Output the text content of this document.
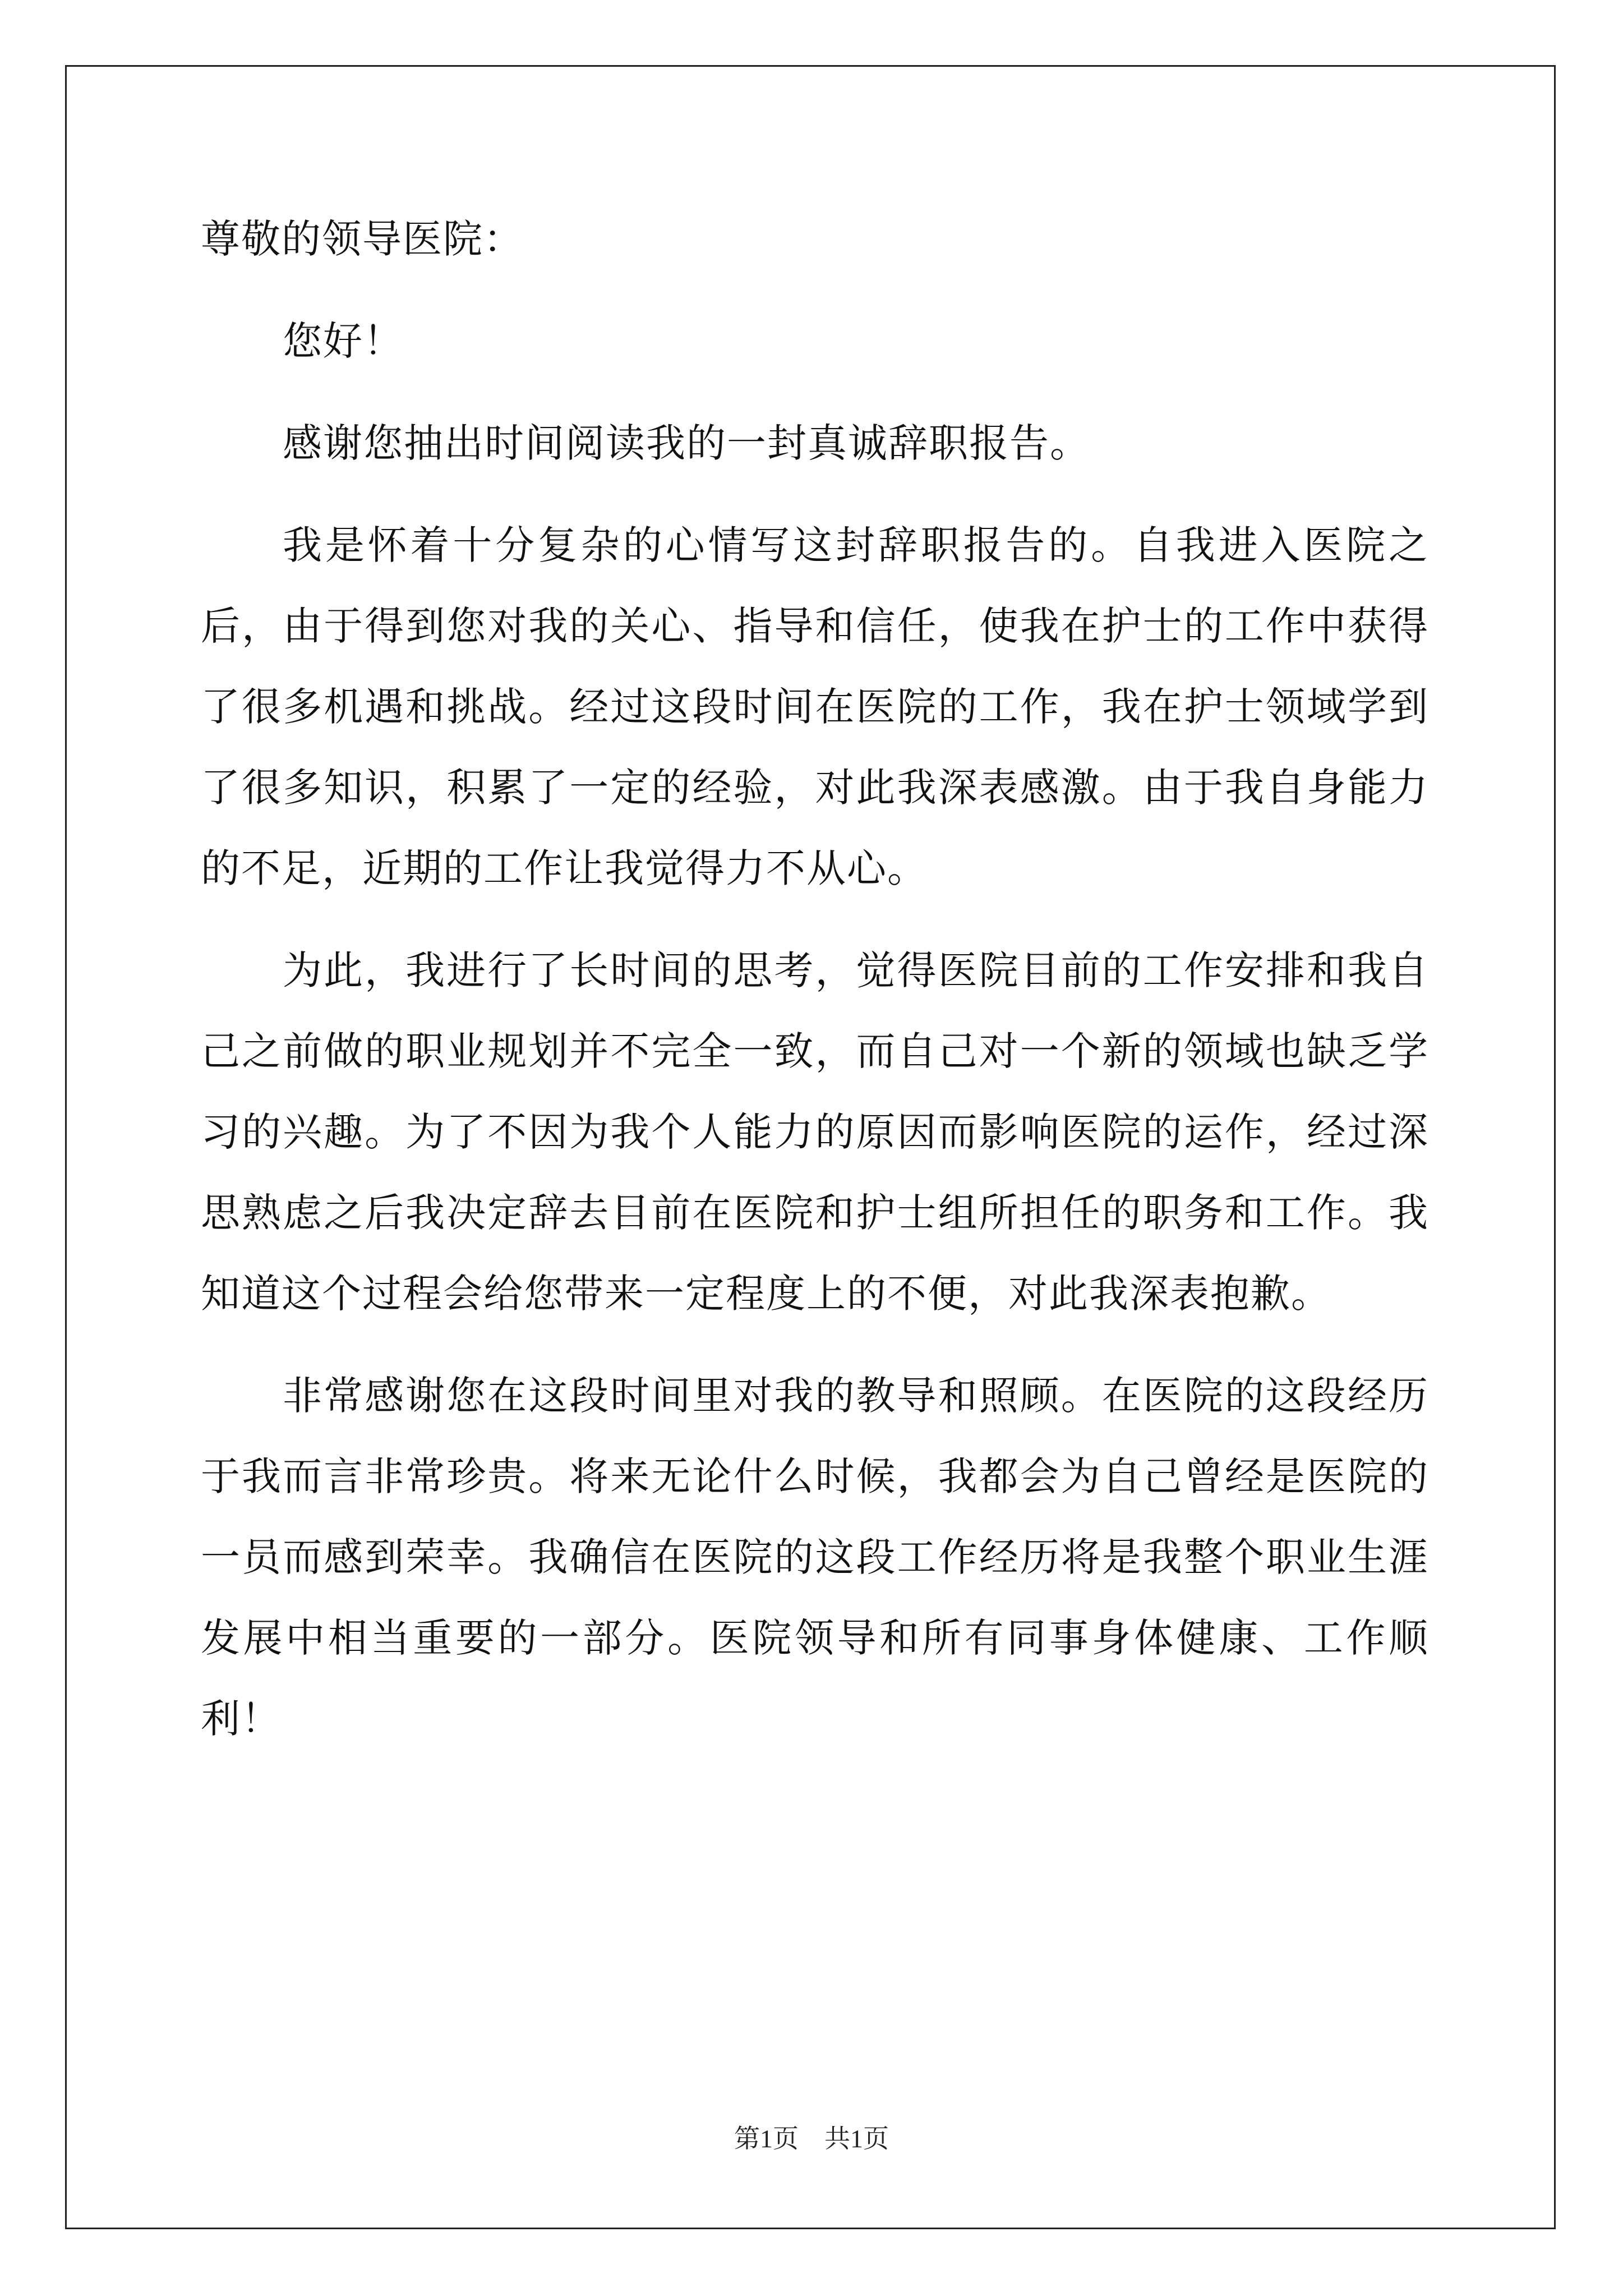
尊敬的领导医院：

您好！

感谢您抽出时间阅读我的一封真诚辞职报告。

我是怀着十分复杂的心情写这封辞职报告的。自我进入医院之后，由于得到您对我的关心、指导和信任，使我在护士的工作中获得了很多机遇和挑战。经过这段时间在医院的工作，我在护士领域学到了很多知识，积累了一定的经验，对此我深表感激。由于我自身能力的不足，近期的工作让我觉得力不从心。

为此，我进行了长时间的思考，觉得医院目前的工作安排和我自己之前做的职业规划并不完全一致，而自己对一个新的领域也缺乏学习的兴趣。为了不因为我个人能力的原因而影响医院的运作，经过深思熟虑之后我决定辞去目前在医院和护士组所担任的职务和工作。我知道这个过程会给您带来一定程度上的不便，对此我深表抱歉。

非常感谢您在这段时间里对我的教导和照顾。在医院的这段经历于我而言非常珍贵。将来无论什么时候，我都会为自己曾经是医院的一员而感到荣幸。我确信在医院的这段工作经历将是我整个职业生涯发展中相当重要的一部分。医院领导和所有同事身体健康、工作顺利！

第1页　共1页
